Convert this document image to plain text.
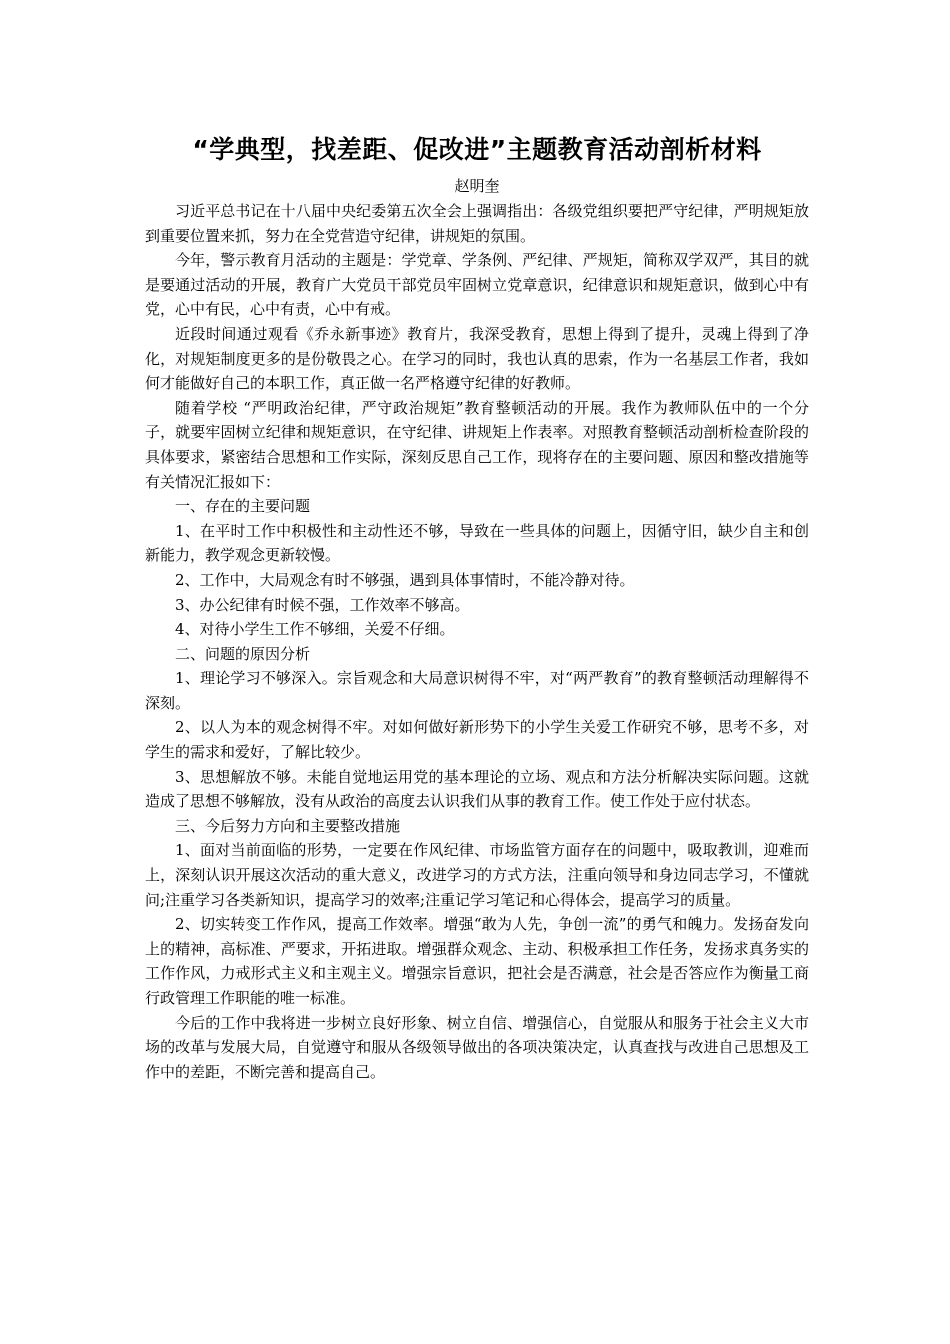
“学典型，找差距、促改进”主题教育活动剖析材料
赵明奎

习近平总书记在十八届中央纪委第五次全会上强调指出：各级党组织要把严守纪律，严明规矩放到重要位置来抓，努力在全党营造守纪律，讲规矩的氛围。

今年，警示教育月活动的主题是：学党章、学条例、严纪律、严规矩，简称双学双严，其目的就是要通过活动的开展，教育广大党员干部党员牢固树立党章意识，纪律意识和规矩意识，做到心中有党，心中有民，心中有责，心中有戒。

近段时间通过观看《乔永新事迹》教育片，我深受教育，思想上得到了提升，灵魂上得到了净化，对规矩制度更多的是份敬畏之心。在学习的同时，我也认真的思索，作为一名基层工作者，我如何才能做好自己的本职工作，真正做一名严格遵守纪律的好教师。

随着学校 “严明政治纪律，严守政治规矩”教育整顿活动的开展。我作为教师队伍中的一个分子，就要牢固树立纪律和规矩意识，在守纪律、讲规矩上作表率。对照教育整顿活动剖析检查阶段的具体要求，紧密结合思想和工作实际，深刻反思自己工作，现将存在的主要问题、原因和整改措施等有关情况汇报如下：

一、存在的主要问题

1、在平时工作中积极性和主动性还不够，导致在一些具体的问题上，因循守旧，缺少自主和创新能力，教学观念更新较慢。

2、工作中，大局观念有时不够强，遇到具体事情时，不能冷静对待。

3、办公纪律有时候不强，工作效率不够高。

4、对待小学生工作不够细，关爱不仔细。

二、问题的原因分析

1、理论学习不够深入。宗旨观念和大局意识树得不牢，对“两严教育”的教育整顿活动理解得不深刻。

2、以人为本的观念树得不牢。对如何做好新形势下的小学生关爱工作研究不够，思考不多，对学生的需求和爱好，了解比较少。

3、思想解放不够。未能自觉地运用党的基本理论的立场、观点和方法分析解决实际问题。这就造成了思想不够解放，没有从政治的高度去认识我们从事的教育工作。使工作处于应付状态。

三、今后努力方向和主要整改措施

1、面对当前面临的形势，一定要在作风纪律、市场监管方面存在的问题中，吸取教训，迎难而上，深刻认识开展这次活动的重大意义，改进学习的方式方法，注重向领导和身边同志学习，不懂就问;注重学习各类新知识，提高学习的效率;注重记学习笔记和心得体会，提高学习的质量。

2、切实转变工作作风，提高工作效率。增强“敢为人先，争创一流”的勇气和魄力。发扬奋发向上的精神，高标准、严要求，开拓进取。增强群众观念、主动、积极承担工作任务，发扬求真务实的工作作风，力戒形式主义和主观主义。增强宗旨意识，把社会是否满意，社会是否答应作为衡量工商行政管理工作职能的唯一标准。

今后的工作中我将进一步树立良好形象、树立自信、增强信心，自觉服从和服务于社会主义大市场的改革与发展大局，自觉遵守和服从各级领导做出的各项决策决定，认真查找与改进自己思想及工作中的差距，不断完善和提高自己。
